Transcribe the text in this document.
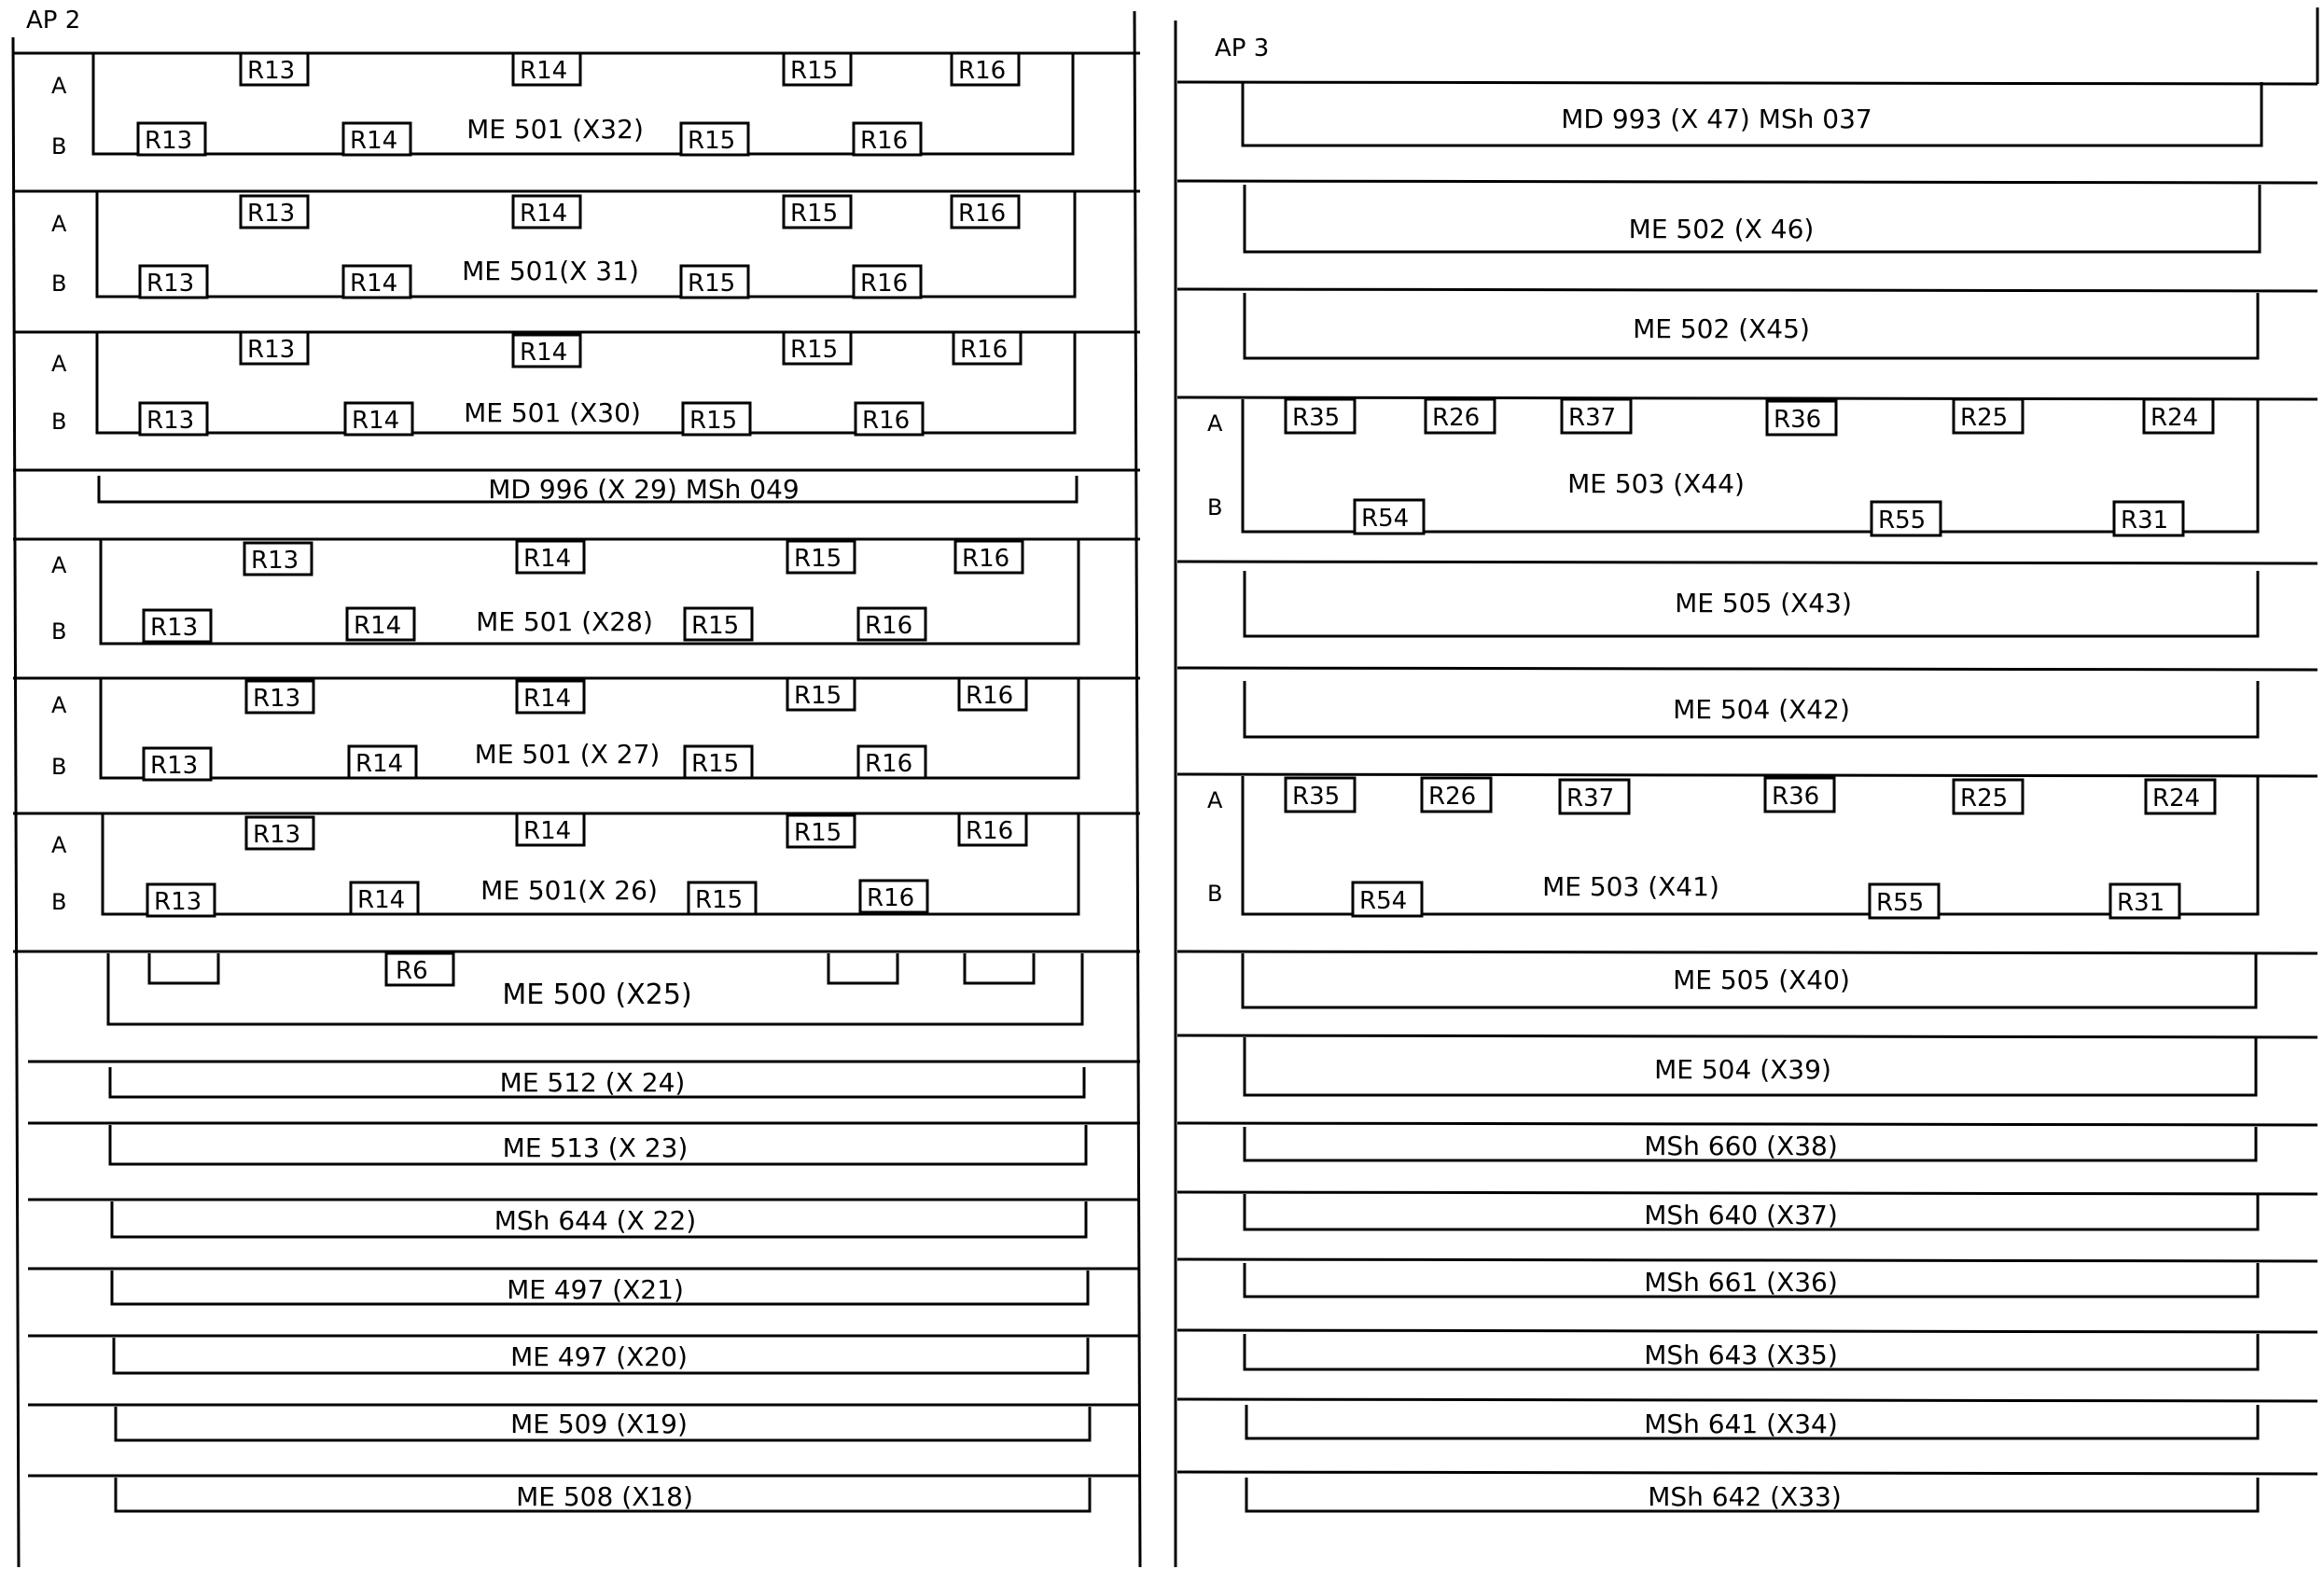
AP 2
A
B
R13	R14	R15	R16
R13	R14	R15	R16
ME 501 (X32)
A
B
R13	R14	R15	R16
R13	R14	R15	R16
ME 501(X 31)
A
B
R13	R14	R15	R16
R13	R14	R15	R16
ME 501 (X30)
MD 996 (X 29) MSh 049
A
B
R13	R14	R15	R16
R13	R14	R15	R16
ME 501 (X28)
A
B
R13	R14	R15	R16
R13	R14	R15	R16
ME 501 (X 27)
A
B
R13	R14	R15	R16
R13	R14	R15	R16
ME 501(X 26)
R6
ME 500 (X25)
ME 512 (X 24)
ME 513 (X 23)
MSh 644 (X 22)
ME 497 (X21)
ME 497 (X20)
ME 509 (X19)
ME 508 (X18)
AP 3
MD 993 (X 47) MSh 037
ME 502 (X 46)
ME 502 (X45)
A
B
R35	R26	R37	R36	R25	R24
R54	R55	R31
ME 503 (X44)
ME 505 (X43)
ME 504 (X42)
A
B
R35	R26	R37	R36	R25	R24
R54	R55	R31
ME 503 (X41)
ME 505 (X40)
ME 504 (X39)
MSh 660 (X38)
MSh 640 (X37)
MSh 661 (X36)
MSh 643 (X35)
MSh 641 (X34)
MSh 642 (X33)
